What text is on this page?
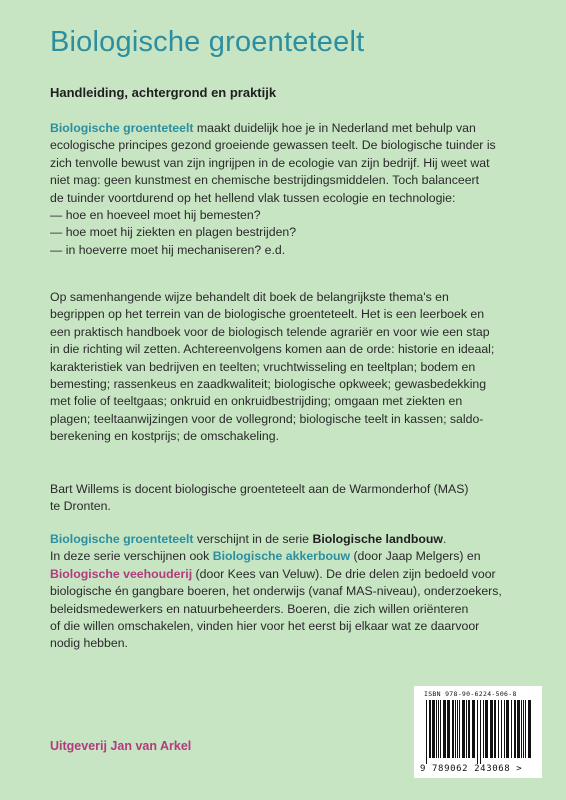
Biologische groenteteelt
Handleiding, achtergrond en praktijk
Biologische groenteteelt maakt duidelijk hoe je in Nederland met behulp van
ecologische principes gezond groeiende gewassen teelt. De biologische tuinder is
zich tenvolle bewust van zijn ingrijpen in de ecologie van zijn bedrijf. Hij weet wat
niet mag: geen kunstmest en chemische bestrijdingsmiddelen. Toch balanceert
de tuinder voortdurend op het hellend vlak tussen ecologie en technologie:
— hoe en hoeveel moet hij bemesten?
— hoe moet hij ziekten en plagen bestrijden?
— in hoeverre moet hij mechaniseren? e.d.
Op samenhangende wijze behandelt dit boek de belangrijkste thema's en
begrippen op het terrein van de biologische groenteteelt. Het is een leerboek en
een praktisch handboek voor de biologisch telende agrariër en voor wie een stap
in die richting wil zetten. Achtereenvolgens komen aan de orde: historie en ideaal;
karakteristiek van bedrijven en teelten; vruchtwisseling en teeltplan; bodem en
bemesting; rassenkeus en zaadkwaliteit; biologische opkweek; gewasbedekking
met folie of teeltgaas; onkruid en onkruidbestrijding; omgaan met ziekten en
plagen; teeltaanwijzingen voor de vollegrond; biologische teelt in kassen; saldo-
berekening en kostprijs; de omschakeling.
Bart Willems is docent biologische groenteteelt aan de Warmonderhof (MAS)
te Dronten.
Biologische groenteteelt verschijnt in de serie Biologische landbouw.
In deze serie verschijnen ook Biologische akkerbouw (door Jaap Melgers) en
Biologische veehouderij (door Kees van Veluw). De drie delen zijn bedoeld voor
biologische én gangbare boeren, het onderwijs (vanaf MAS-niveau), onderzoekers,
beleidsmedewerkers en natuurbeheerders. Boeren, die zich willen oriënteren
of die willen omschakelen, vinden hier voor het eerst bij elkaar wat ze daarvoor
nodig hebben.
Uitgeverij Jan van Arkel
ISBN 978-90-6224-506-8
9 789062 243068 >
